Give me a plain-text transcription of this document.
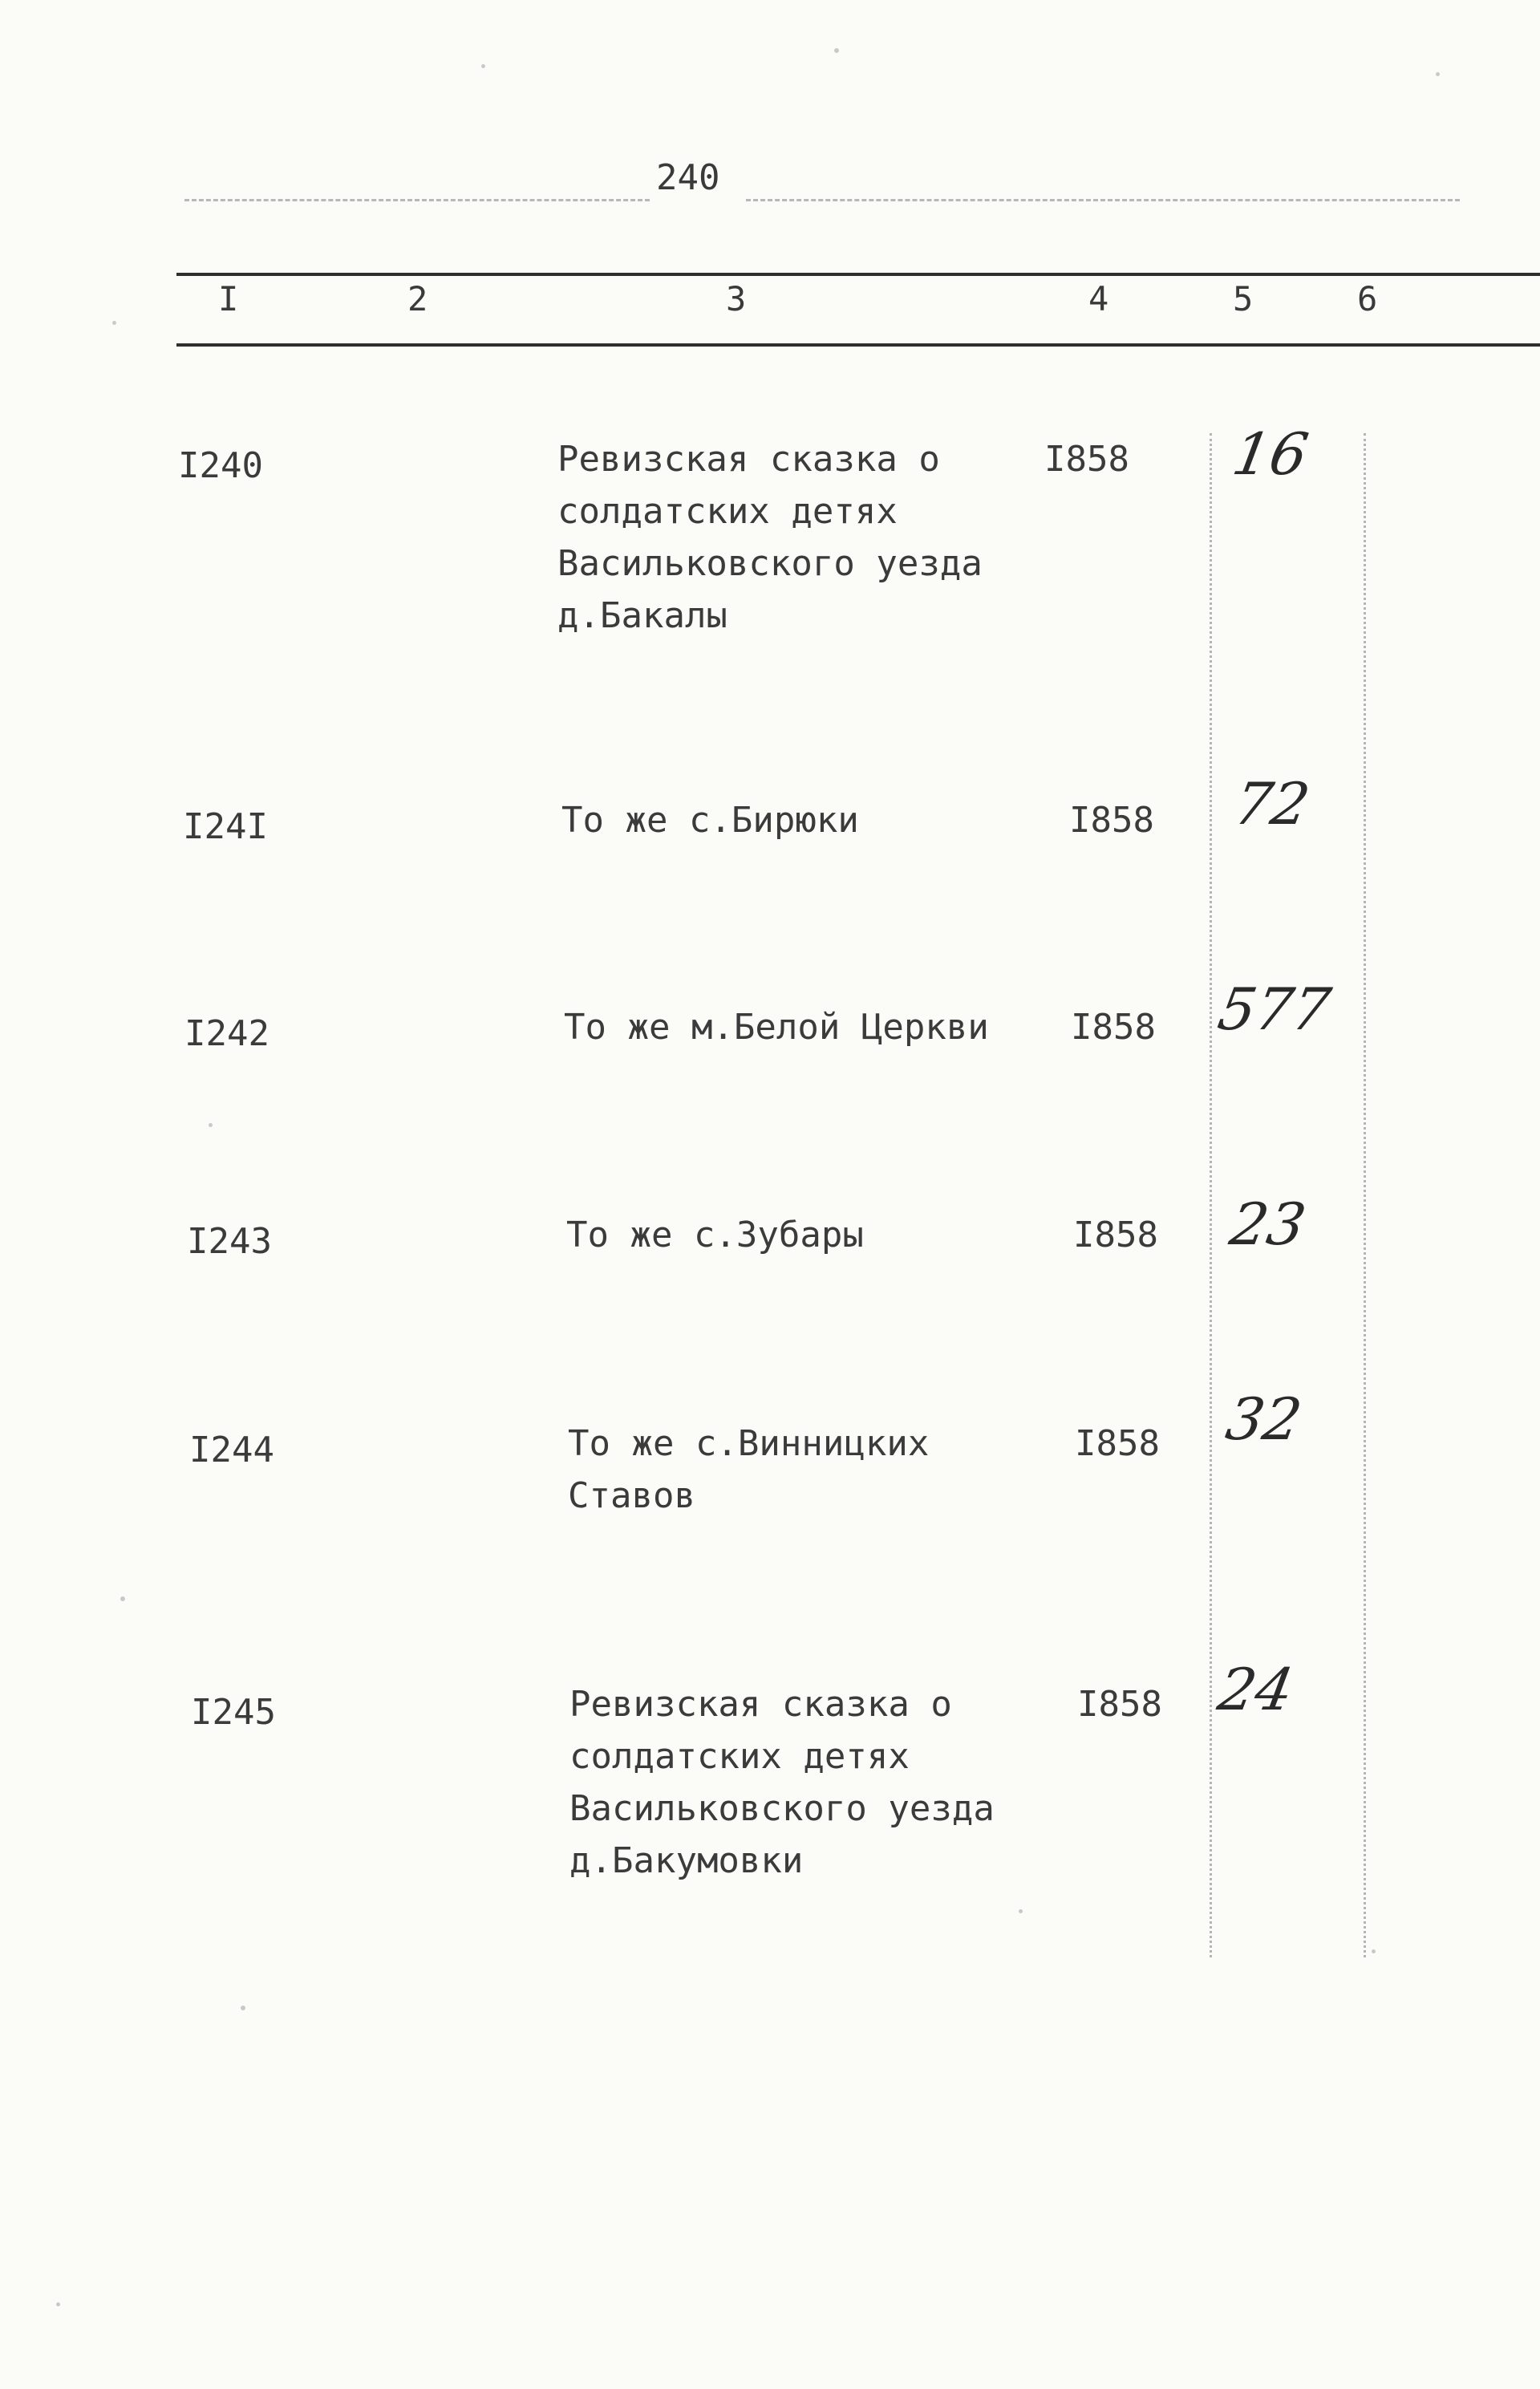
240
I	2	3	4	5	6
I240	Ревизская сказка о
солдатских детях
Васильковского уезда
д.Бакалы
I858 16
I24I	То же с.Бирюки	I858 72
I242	То же м.Белой Церкви I858 577
I243	То же с.Зубары	I858 23
I244	То же с.Винницких
Ставов
I858 32
I245	Ревизская сказка о
солдатских детях
Васильковского уезда
д.Бакумовки
I858 24
